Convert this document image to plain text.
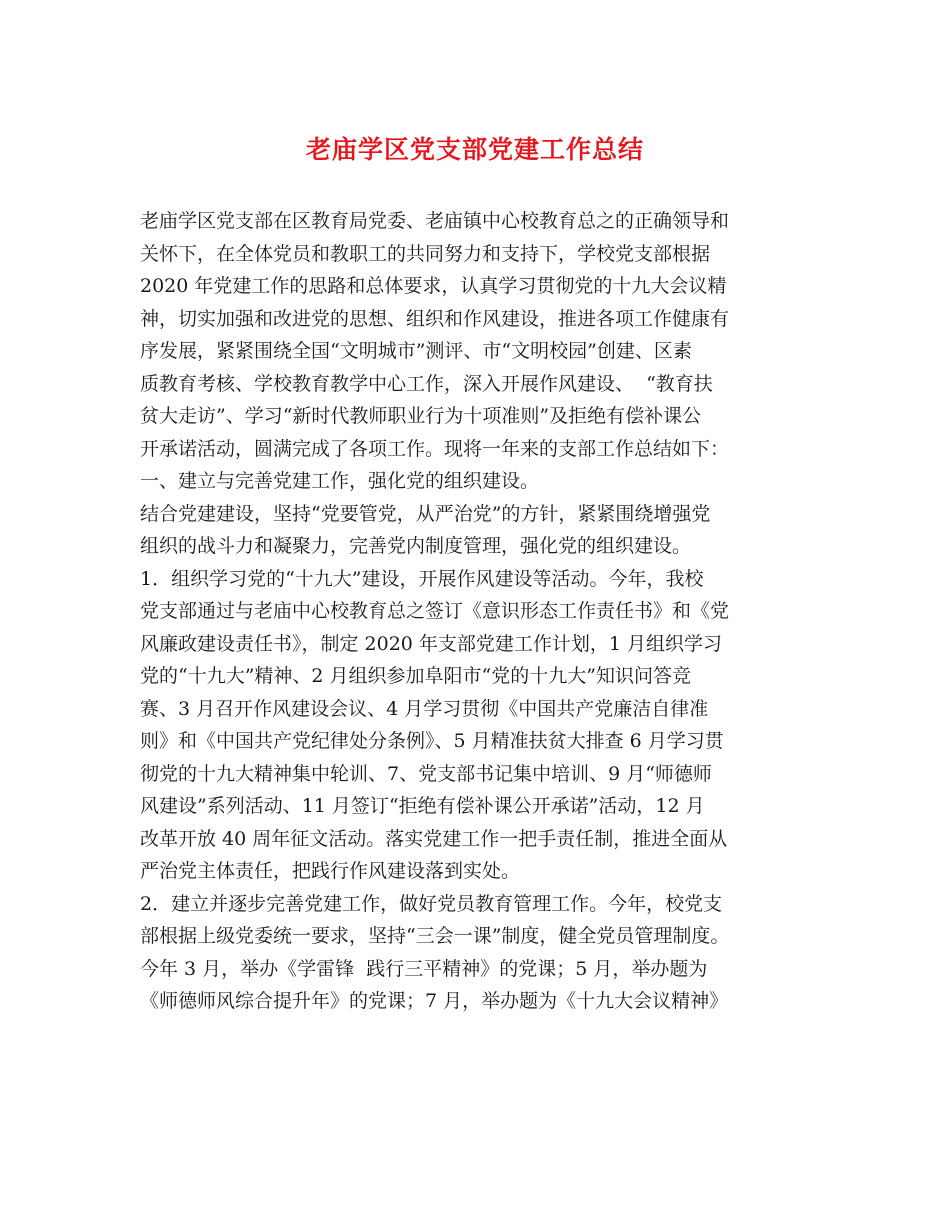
老庙学区党支部党建工作总结

老庙学区党支部在区教育局党委、老庙镇中心校教育总之的正确领导和

关怀下，在全体党员和教职工的共同努力和支持下，学校党支部根据

2020 年党建工作的思路和总体要求，认真学习贯彻党的十九大会议精

神，切实加强和改进党的思想、组织和作风建设，推进各项工作健康有

序发展，紧紧围绕全国“文明城市”测评、市“文明校园”创建、区素

质教育考核、学校教育教学中心工作，深入开展作风建设、  “教育扶

贫大走访”、学习“新时代教师职业行为十项准则”及拒绝有偿补课公

开承诺活动，圆满完成了各项工作。现将一年来的支部工作总结如下：

一、建立与完善党建工作，强化党的组织建设。

结合党建建设，坚持“党要管党，从严治党”的方针，紧紧围绕增强党

组织的战斗力和凝聚力，完善党内制度管理，强化党的组织建设。

1．组织学习党的“十九大”建设，开展作风建设等活动。今年，我校

党支部通过与老庙中心校教育总之签订《意识形态工作责任书》和《党

风廉政建设责任书》，制定 2020 年支部党建工作计划，1 月组织学习

党的“十九大”精神、2 月组织参加阜阳市“党的十九大”知识问答竞

赛、3 月召开作风建设会议、4 月学习贯彻《中国共产党廉洁自律准

则》和《中国共产党纪律处分条例》、5 月精准扶贫大排查 6 月学习贯

彻党的十九大精神集中轮训、7、党支部书记集中培训、9 月“师德师

风建设”系列活动、11 月签订“拒绝有偿补课公开承诺”活动，12 月

改革开放 40 周年征文活动。落实党建工作一把手责任制，推进全面从

严治党主体责任，把践行作风建设落到实处。

2．建立并逐步完善党建工作，做好党员教育管理工作。今年，校党支

部根据上级党委统一要求，坚持“三会一课”制度，健全党员管理制度。

今年 3 月，举办《学雷锋  践行三平精神》的党课；5 月，举办题为

《师德师风综合提升年》的党课；7 月，举办题为《十九大会议精神》
